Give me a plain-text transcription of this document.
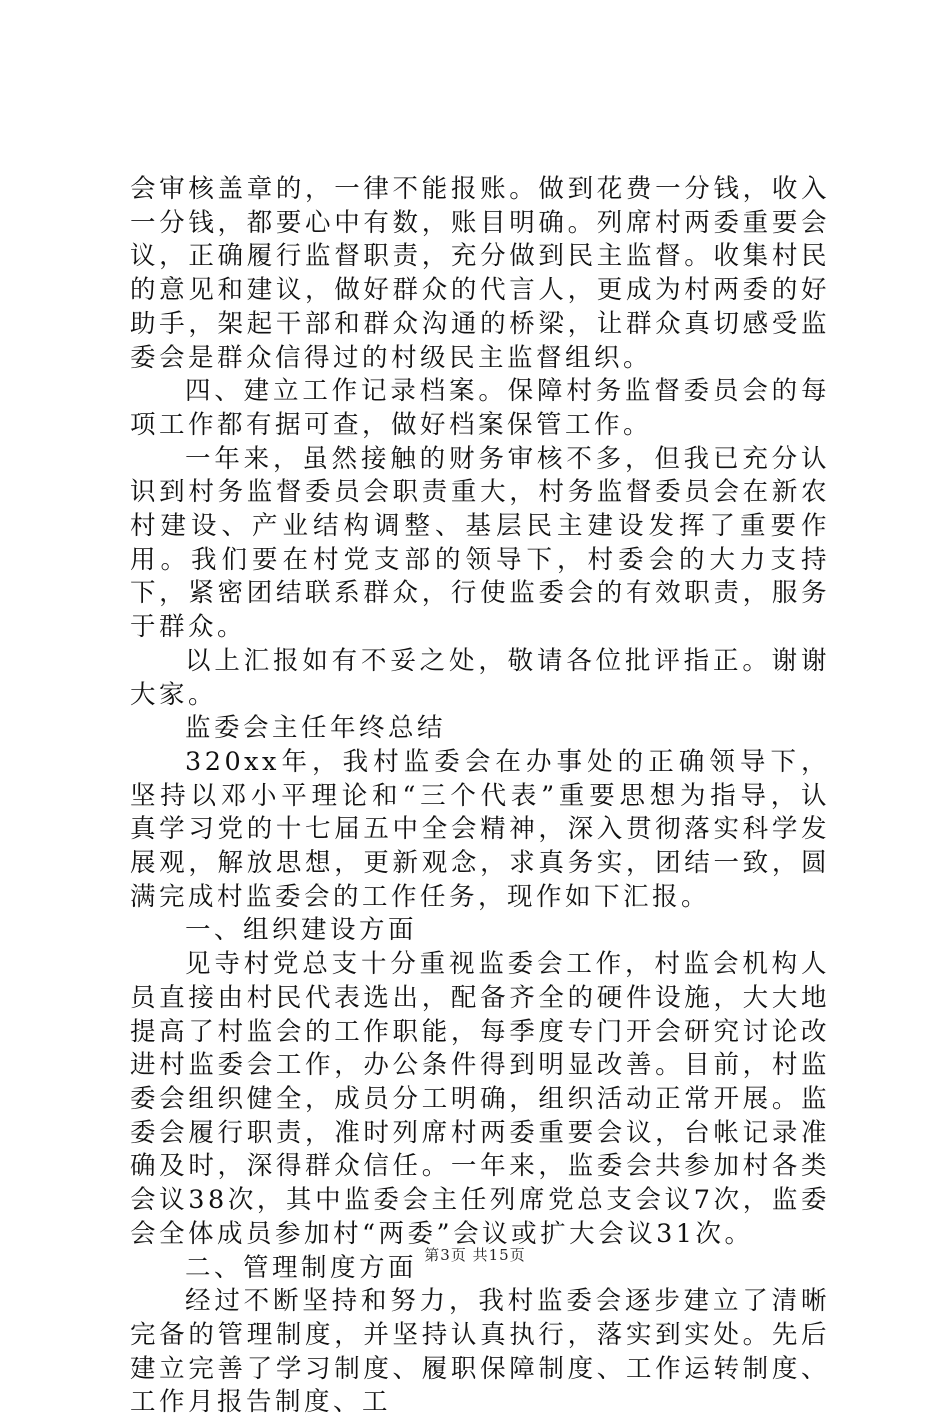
会审核盖章的，一律不能报账。做到花费一分钱，收入一分钱，都要心中有数，账目明确。列席村两委重要会议，正确履行监督职责，充分做到民主监督。收集村民的意见和建议，做好群众的代言人，更成为村两委的好助手，架起干部和群众沟通的桥梁，让群众真切感受监委会是群众信得过的村级民主监督组织。

四、建立工作记录档案。保障村务监督委员会的每项工作都有据可查，做好档案保管工作。

一年来，虽然接触的财务审核不多，但我已充分认识到村务监督委员会职责重大，村务监督委员会在新农村建设、产业结构调整、基层民主建设发挥了重要作用。我们要在村党支部的领导下，村委会的大力支持下，紧密团结联系群众，行使监委会的有效职责，服务于群众。

以上汇报如有不妥之处，敬请各位批评指正。谢谢大家。

监委会主任年终总结

320xx年，我村监委会在办事处的正确领导下，坚持以邓小平理论和“三个代表”重要思想为指导，认真学习党的十七届五中全会精神，深入贯彻落实科学发展观，解放思想，更新观念，求真务实，团结一致，圆满完成村监委会的工作任务，现作如下汇报。

一、组织建设方面

见寺村党总支十分重视监委会工作，村监会机构人员直接由村民代表选出，配备齐全的硬件设施，大大地提高了村监会的工作职能，每季度专门开会研究讨论改进村监委会工作，办公条件得到明显改善。目前，村监委会组织健全，成员分工明确，组织活动正常开展。监委会履行职责，准时列席村两委重要会议，台帐记录准确及时，深得群众信任。一年来，监委会共参加村各类会议38次，其中监委会主任列席党总支会议7次，监委会全体成员参加村“两委”会议或扩大会议31次。

二、管理制度方面

经过不断坚持和努力，我村监委会逐步建立了清晰完备的管理制度，并坚持认真执行，落实到实处。先后建立完善了学习制度、履职保障制度、工作运转制度、工作月报告制度、工

第3页 共15页
